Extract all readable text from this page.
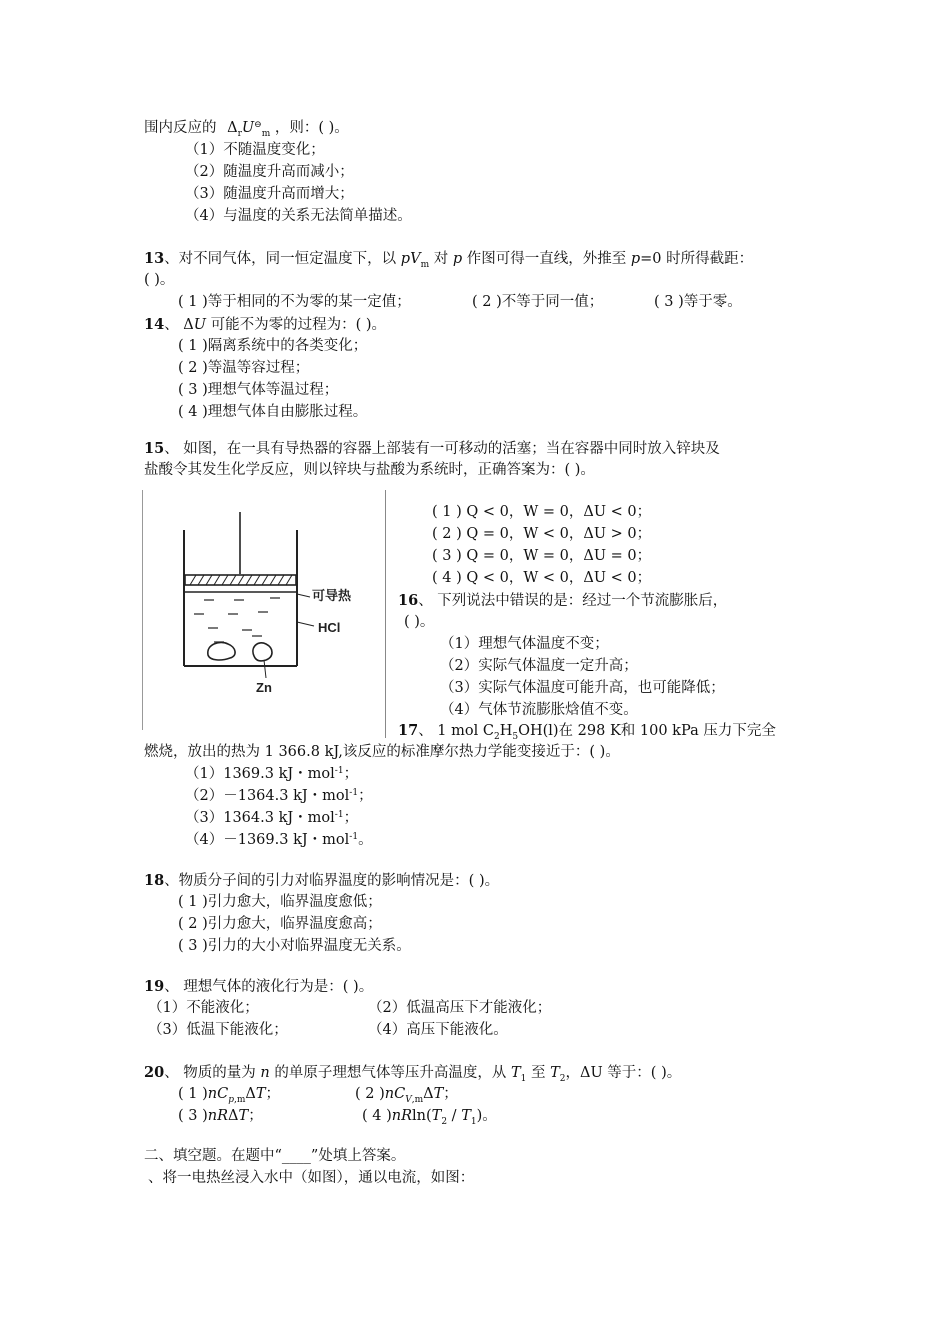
围内反应的 $\Delta_rU^⊖_m$ ，则：( )。
（1）不随温度变化；
（2）随温度升高而减小；
（3）随温度升高而增大；
（4）与温度的关系无法简单描述。
13、对不同气体，同一恒定温度下，以 $pV_m$ 对 p 作图可得一直线，外推至 p=0 时所得截距：
( )。
( 1 )等于相同的不为零的某一定值；	( 2 )不等于同一值；	( 3 )等于零。
14、 ΔU 可能不为零的过程为：( )。
( 1 )隔离系统中的各类变化；
( 2 )等温等容过程；
( 3 )理想气体等温过程；
( 4 )理想气体自由膨胀过程。
15、 如图，在一具有导热器的容器上部装有一可移动的活塞；当在容器中同时放入锌块及
盐酸令其发生化学反应，则以锌块与盐酸为系统时，正确答案为：( )。
可导热
HCl
Zn
( 1 ) Q < 0，W = 0，ΔU < 0；
( 2 ) Q = 0，W < 0，ΔU > 0；
( 3 ) Q = 0，W = 0，ΔU = 0；
( 4 ) Q < 0，W < 0，ΔU < 0；
16、 下列说法中错误的是：经过一个节流膨胀后，
( )。
（1）理想气体温度不变；
（2）实际气体温度一定升高；
（3）实际气体温度可能升高，也可能降低；
（4）气体节流膨胀焓值不变。
17、 1 mol $C_2H_5OH(l)$在 298 K和 100 kPa 压力下完全
燃烧，放出的热为 1 366.8 kJ,该反应的标准摩尔热力学能变接近于：( )。
（1）1369.3 kJ・mol$^{-1}$；
（2）－1364.3 kJ・mol$^{-1}$；
（3）1364.3 kJ・mol$^{-1}$；
（4）－1369.3 kJ・mol$^{-1}$。
18、物质分子间的引力对临界温度的影响情况是：( )。
( 1 )引力愈大，临界温度愈低；
( 2 )引力愈大，临界温度愈高；
( 3 )引力的大小对临界温度无关系。
19、 理想气体的液化行为是：( )。
（1）不能液化；	（2）低温高压下才能液化；
（3）低温下能液化；	（4）高压下能液化。
20、 物质的量为 n 的单原子理想气体等压升高温度，从 $T_1$ 至 $T_2$，ΔU 等于：( )。
( 1 )$nC_{p,m}\Delta T$；	( 2 )$nC_{V,m}\Delta T$；
( 3 )nRΔT；	( 4 )$nRln(T_2 / T_1)$。
二、填空题。在题中“____”处填上答案。
、将一电热丝浸入水中（如图），通以电流，如图：
